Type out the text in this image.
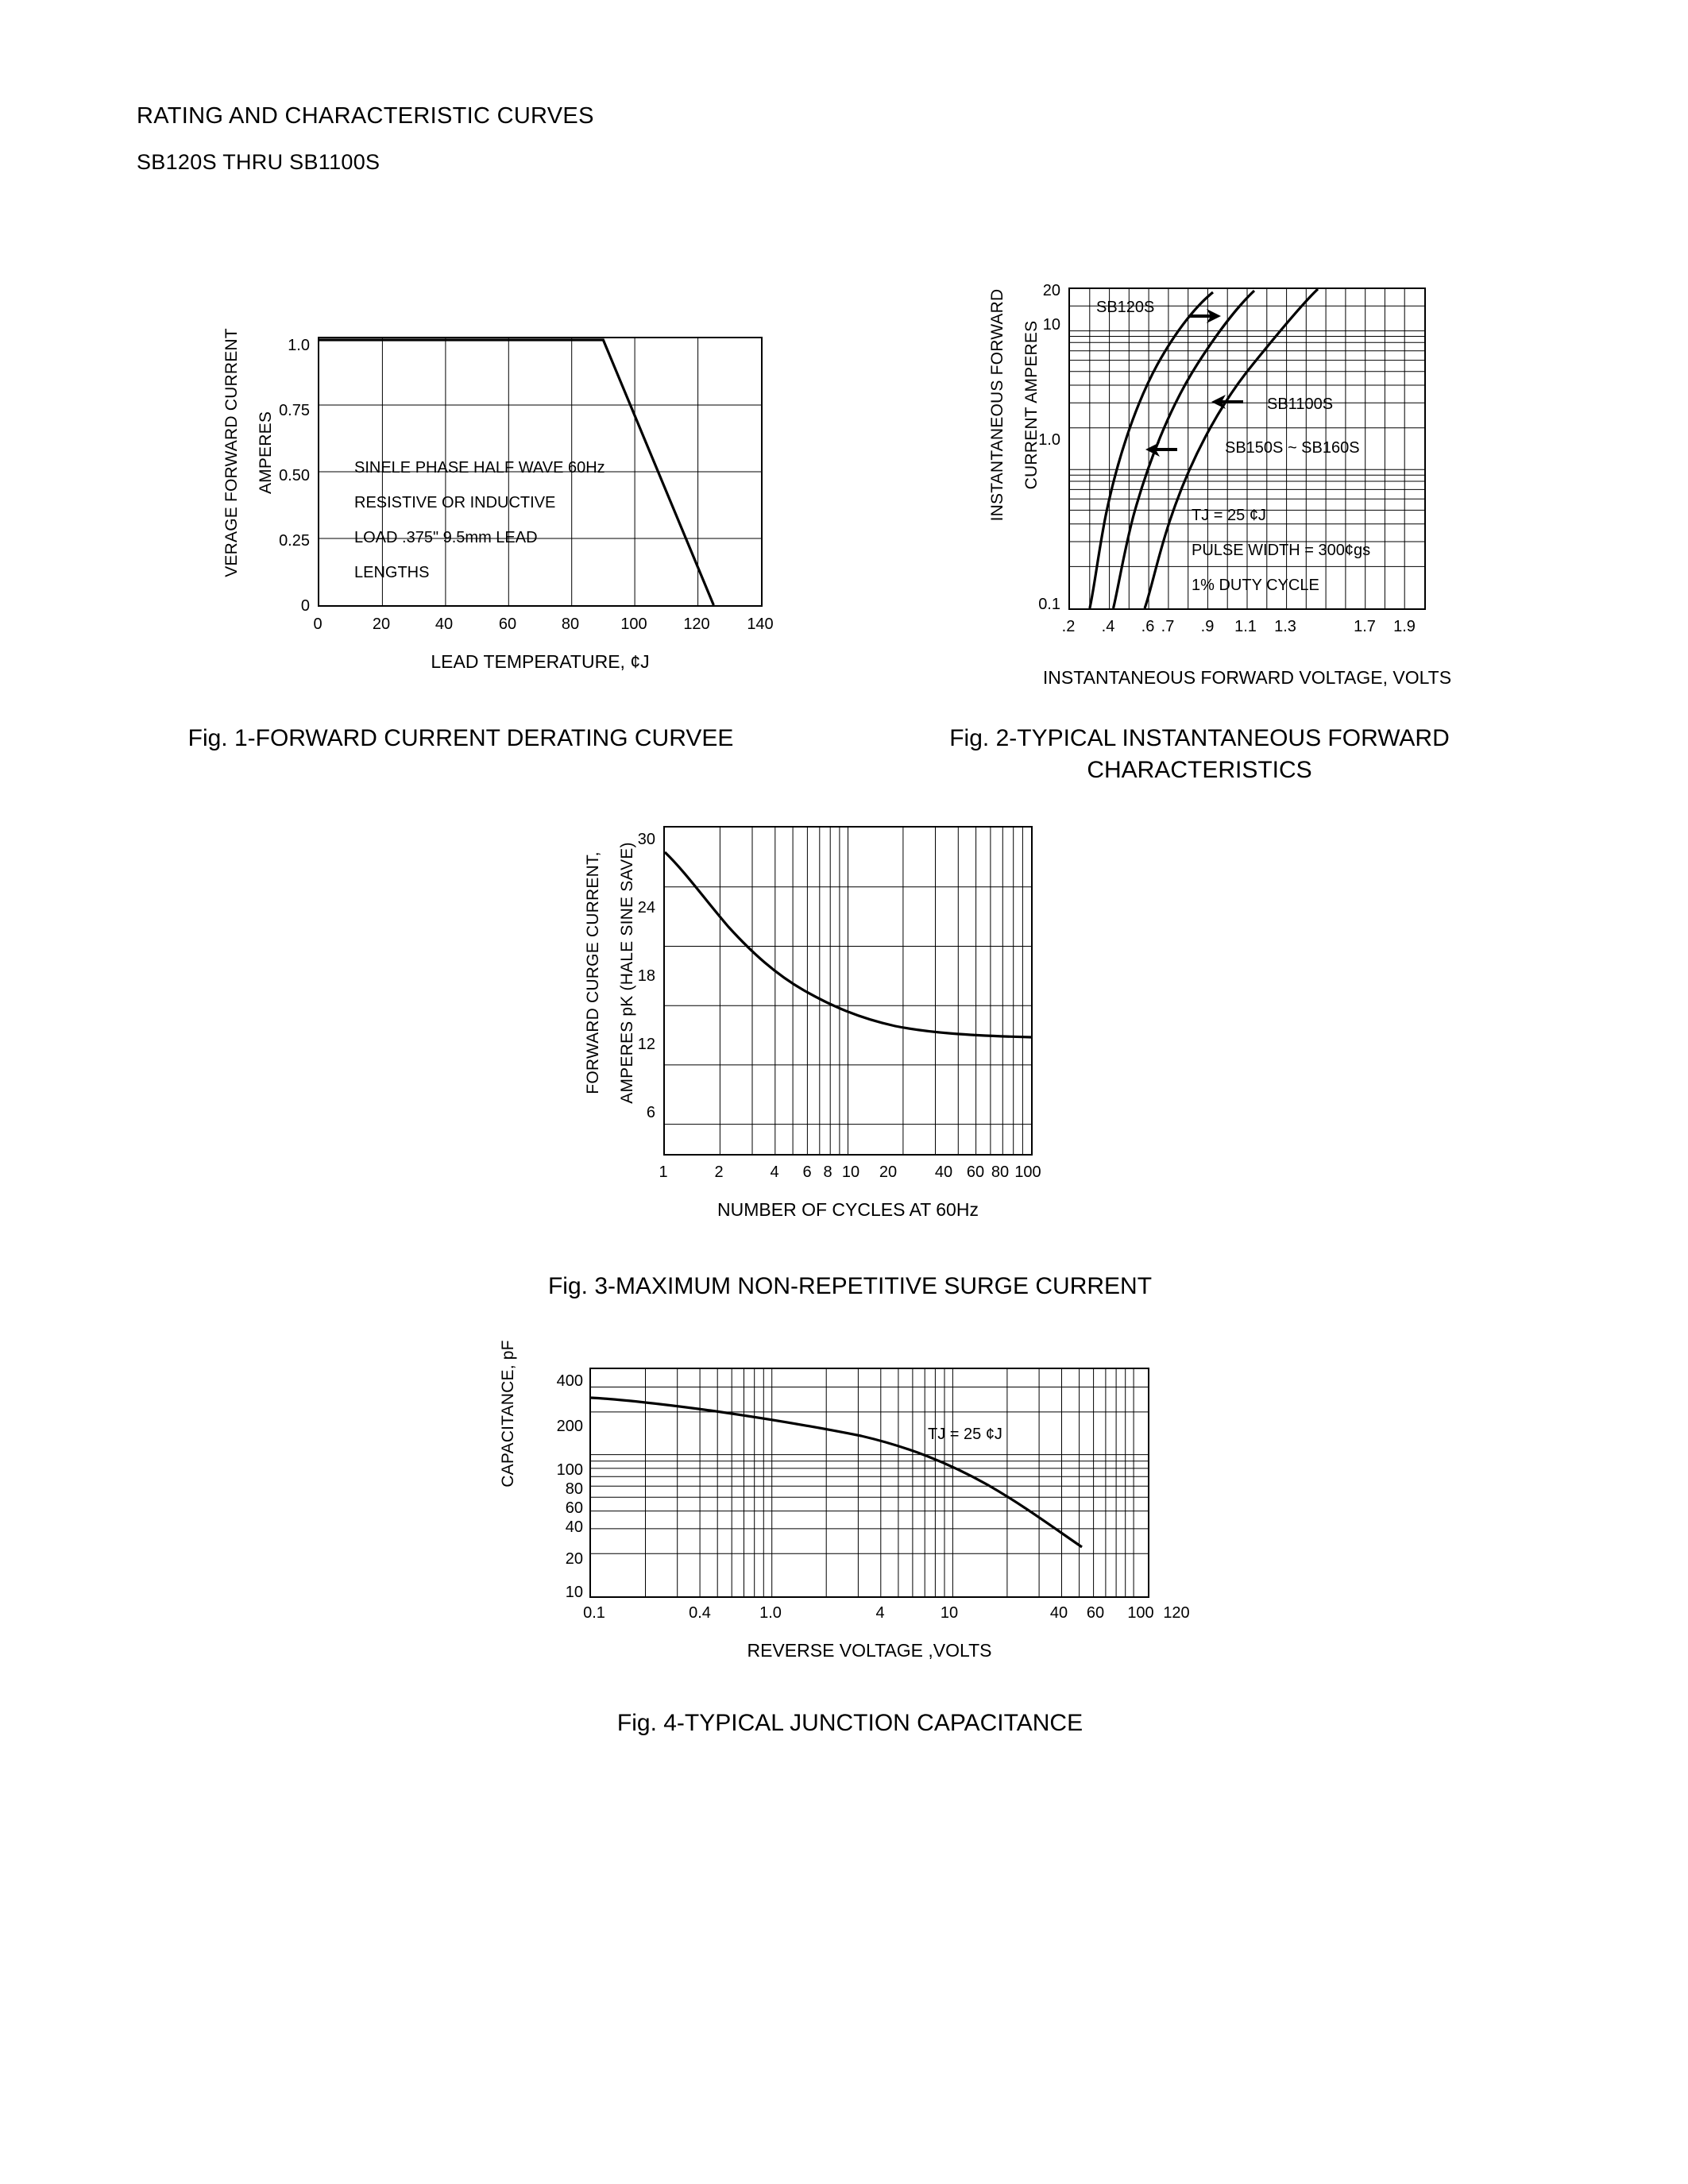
RATING AND CHARACTERISTIC CURVES
SB120S THRU SB1100S
VERAGE FORWARD CURRENT AMPERES
1.0
0.75
0.50
0.25
0
0	20	40	60	80	100	120	140
SINELE PHASE HALF WAVE 60Hz
RESISTIVE OR INDUCTIVE
LOAD .375" 9.5mm LEAD
LENGTHS
LEAD TEMPERATURE, ¢J
Fig. 1-FORWARD CURRENT DERATING CURVEE
INSTANTANEOUS FORWARD CURRENT AMPERES
20
10
1.0
0.1
SB120S
SB1100S
SB150S ~ SB160S
TJ = 25 ¢J
PULSE WIDTH = 300¢gs
1% DUTY CYCLE
.2	.4	.6 .7	.9	1.1	1.3	1.7	1.9
INSTANTANEOUS FORWARD VOLTAGE, VOLTS
Fig. 2-TYPICAL INSTANTANEOUS FORWARD
CHARACTERISTICS
FORWARD CURGE CURRENT, AMPERES pK (HALE SINE SAVE)
30
24
18
12
6
1	2	4	6 8 10	20	40 60 80 100
NUMBER OF CYCLES AT 60Hz
Fig. 3-MAXIMUM NON-REPETITIVE SURGE CURRENT
CAPACITANCE, pF	400
200
100
80
60
40
20
10
TJ = 25 ¢J
0.1	0.4	1.0	4	10	40	60	100 120
REVERSE VOLTAGE ,VOLTS
Fig. 4-TYPICAL JUNCTION CAPACITANCE
